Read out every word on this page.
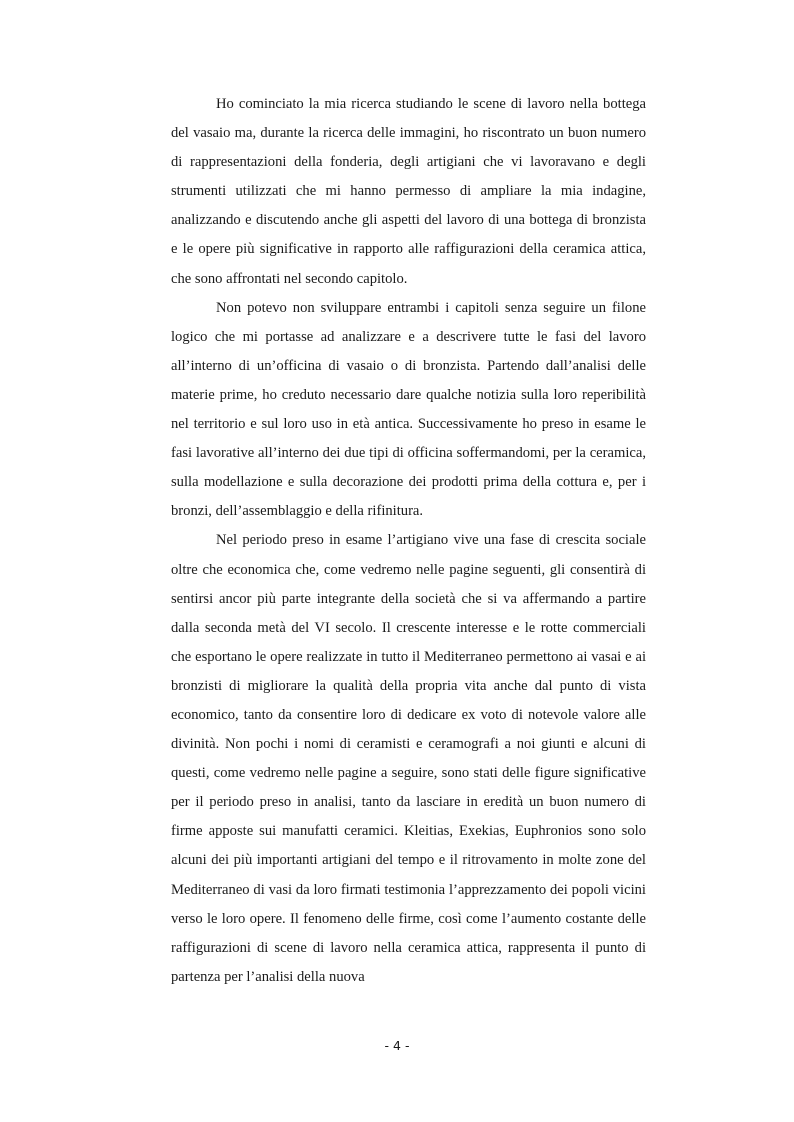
Ho cominciato la mia ricerca studiando le scene di lavoro nella bottega del vasaio ma, durante la ricerca delle immagini, ho riscontrato un buon numero di rappresentazioni della fonderia, degli artigiani che vi lavoravano e degli strumenti utilizzati che mi hanno permesso di ampliare la mia indagine, analizzando e discutendo anche gli aspetti del lavoro di una bottega di bronzista e le opere più significative in rapporto alle raffigurazioni della ceramica attica, che sono affrontati nel secondo capitolo.

Non potevo non sviluppare entrambi i capitoli senza seguire un filone logico che mi portasse ad analizzare e a descrivere tutte le fasi del lavoro all’interno di un’officina di vasaio o di bronzista. Partendo dall’analisi delle materie prime, ho creduto necessario dare qualche notizia sulla loro reperibilità nel territorio e sul loro uso in età antica. Successivamente ho preso in esame le fasi lavorative all’interno dei due tipi di officina soffermandomi, per la ceramica, sulla modellazione e sulla decorazione dei prodotti prima della cottura e, per i bronzi, dell’assemblaggio e della rifinitura.

Nel periodo preso in esame l’artigiano vive una fase di crescita sociale oltre che economica che, come vedremo nelle pagine seguenti, gli consentirà di sentirsi ancor più parte integrante della società che si va affermando a partire dalla seconda metà del VI secolo. Il crescente interesse e le rotte commerciali che esportano le opere realizzate in tutto il Mediterraneo permettono ai vasai e ai bronzisti di migliorare la qualità della propria vita anche dal punto di vista economico, tanto da consentire loro di dedicare ex voto di notevole valore alle divinità. Non pochi i nomi di ceramisti e ceramografi a noi giunti e alcuni di questi, come vedremo nelle pagine a seguire, sono stati delle figure significative per il periodo preso in analisi, tanto da lasciare in eredità un buon numero di firme apposte sui manufatti ceramici. Kleitias, Exekias, Euphronios sono solo alcuni dei più importanti artigiani del tempo e il ritrovamento in molte zone del Mediterraneo di vasi da loro firmati testimonia l’apprezzamento dei popoli vicini verso le loro opere. Il fenomeno delle firme, così come l’aumento costante delle raffigurazioni di scene di lavoro nella ceramica attica, rappresenta il punto di partenza per l’analisi della nuova

- 4 -
